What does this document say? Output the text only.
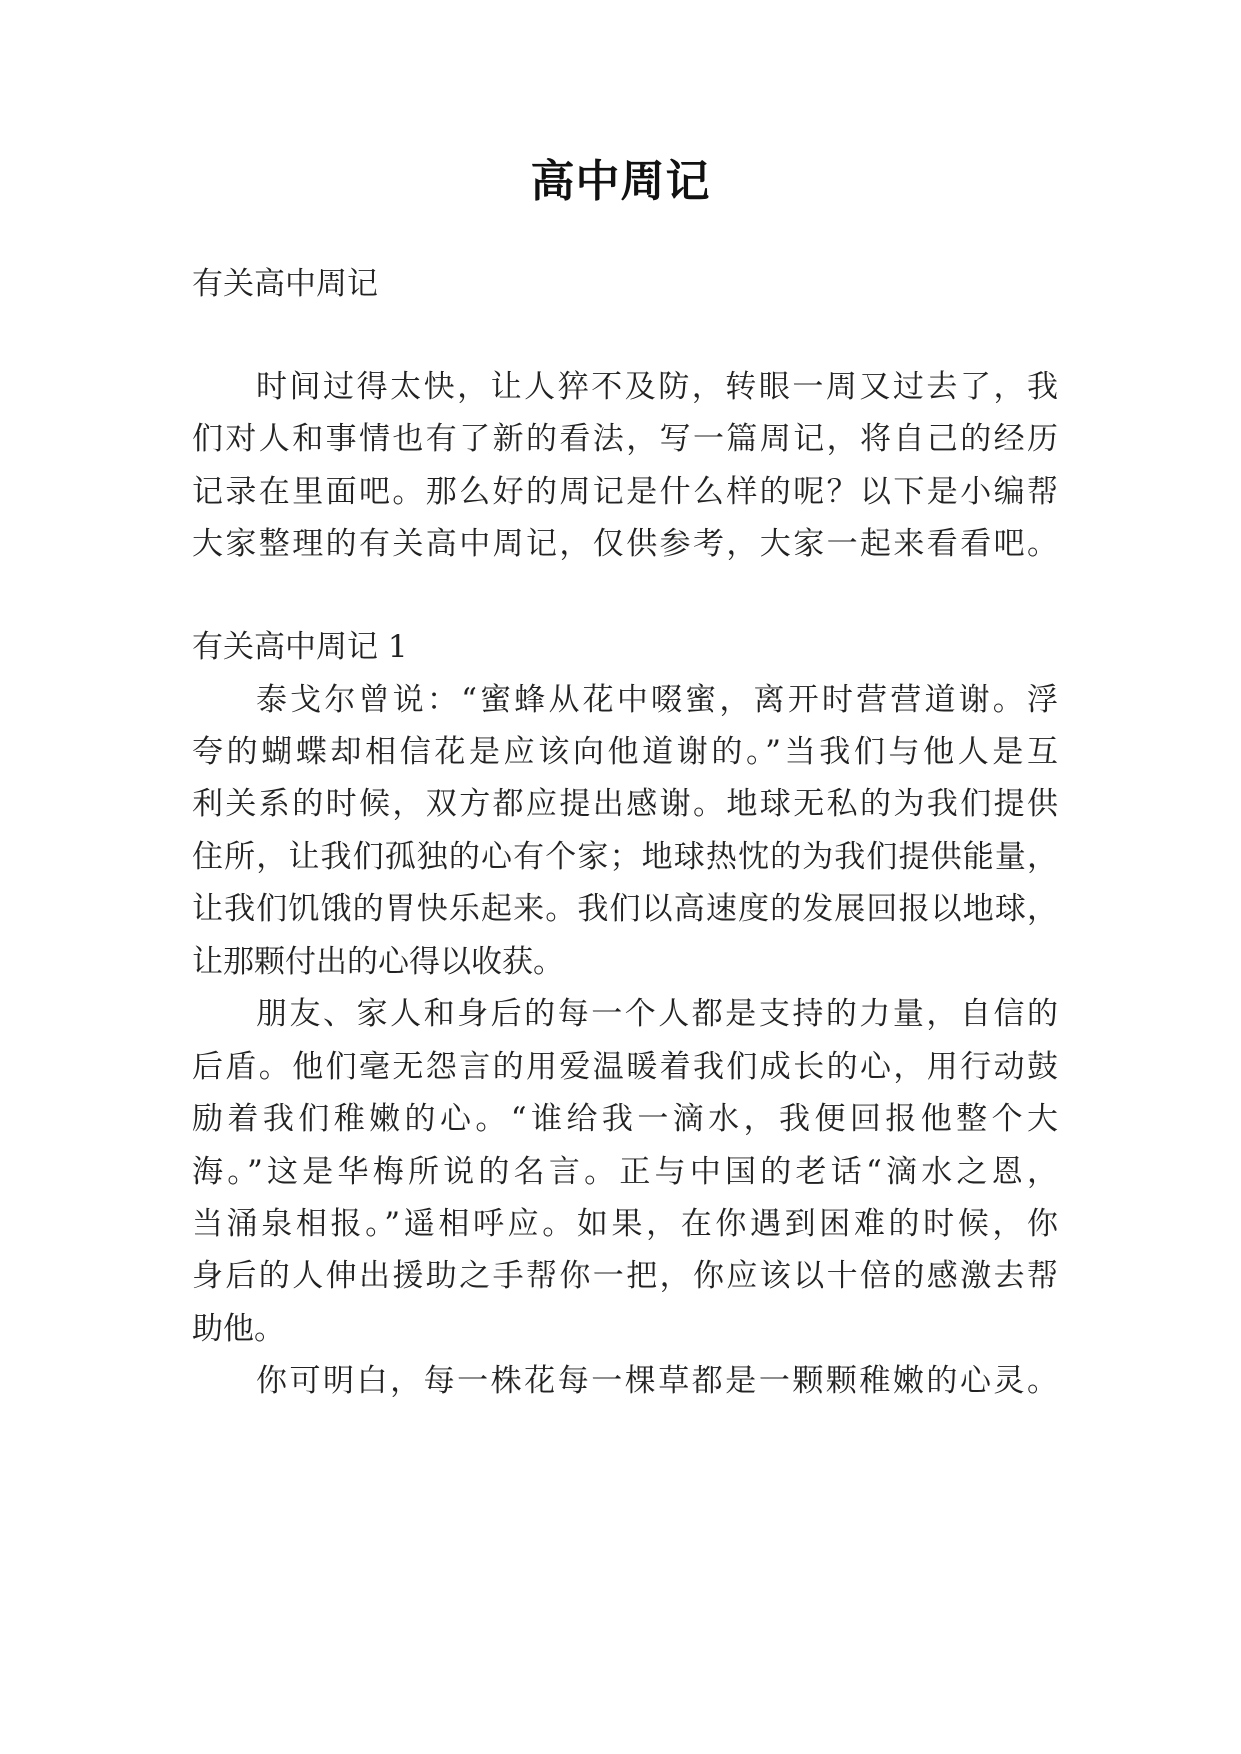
高中周记
有关高中周记
时间过得太快，让人猝不及防，转眼一周又过去了，我
们对人和事情也有了新的看法，写一篇周记，将自己的经历
记录在里面吧。那么好的周记是什么样的呢？以下是小编帮
大家整理的有关高中周记，仅供参考，大家一起来看看吧。
有关高中周记 1
泰戈尔曾说：“蜜蜂从花中啜蜜，离开时营营道谢。浮
夸的蝴蝶却相信花是应该向他道谢的。”当我们与他人是互
利关系的时候，双方都应提出感谢。地球无私的为我们提供
住所，让我们孤独的心有个家；地球热忱的为我们提供能量，
让我们饥饿的胃快乐起来。我们以高速度的发展回报以地球，
让那颗付出的心得以收获。
朋友、家人和身后的每一个人都是支持的力量，自信的
后盾。他们毫无怨言的用爱温暖着我们成长的心，用行动鼓
励着我们稚嫩的心。“谁给我一滴水，我便回报他整个大
海。”这是华梅所说的名言。正与中国的老话“滴水之恩，
当涌泉相报。”遥相呼应。如果，在你遇到困难的时候，你
身后的人伸出援助之手帮你一把，你应该以十倍的感激去帮
助他。
你可明白，每一株花每一棵草都是一颗颗稚嫩的心灵。
